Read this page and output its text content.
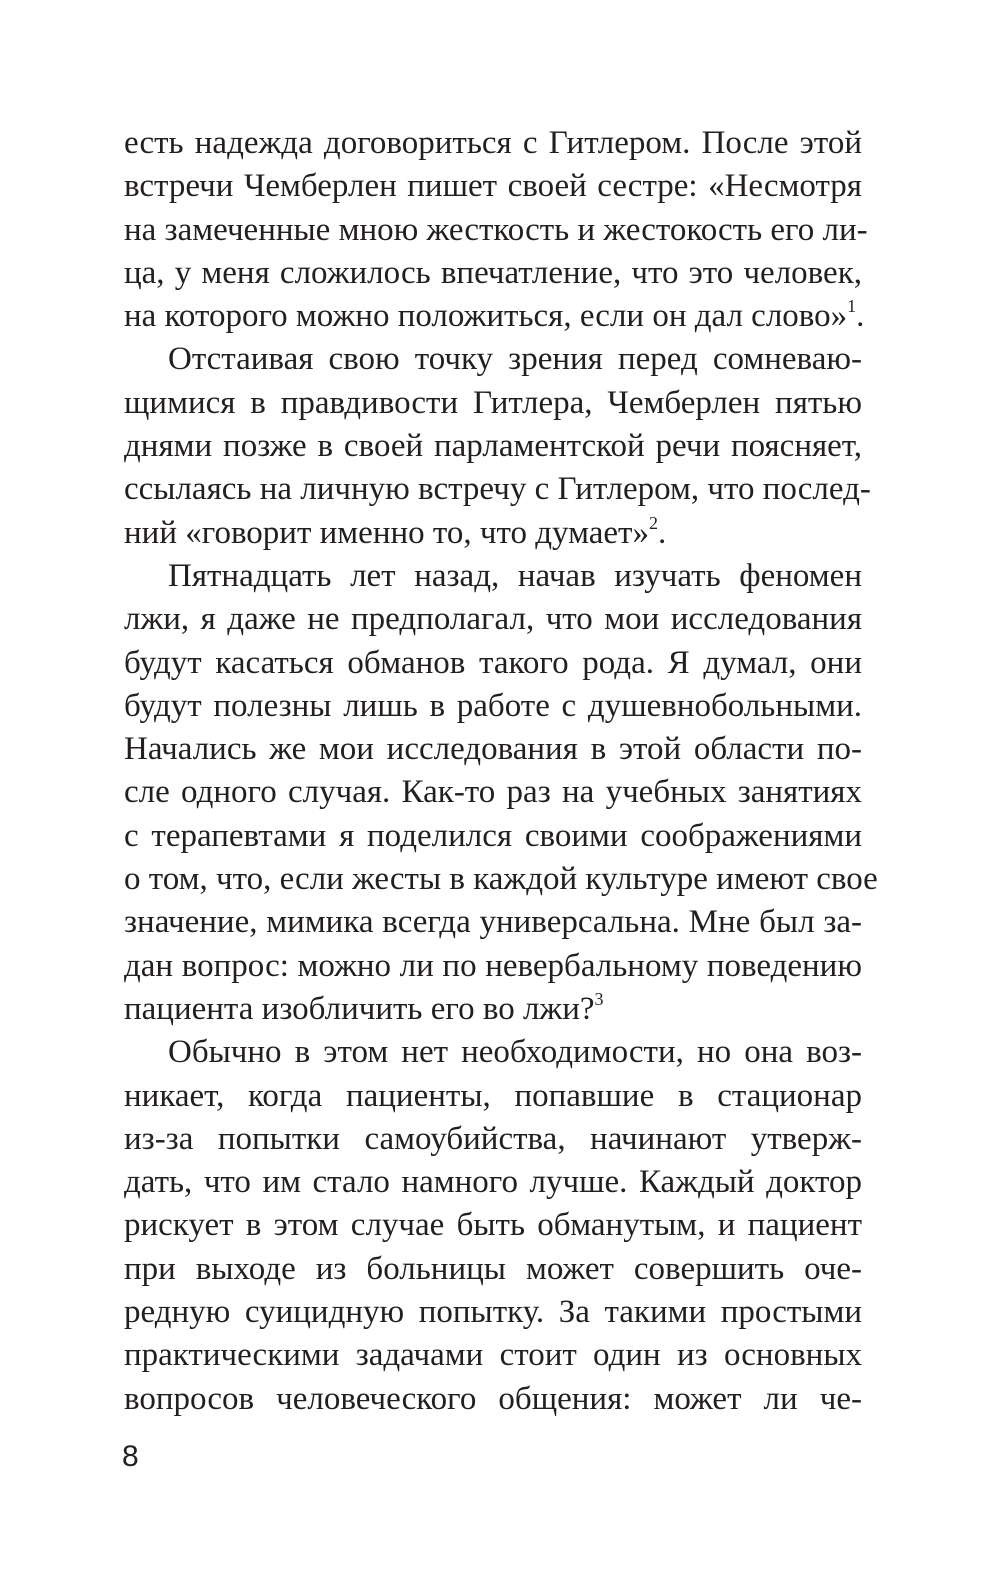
есть надежда договориться с Гитлером. После этой
встречи Чемберлен пишет своей сестре: «Несмотря
на замеченные мною жесткость и жестокость его ли-
ца, у меня сложилось впечатление, что это человек,
на которого можно положиться, если он дал слово»$^1$.
Отстаивая свою точку зрения перед сомневаю-
щимися в правдивости Гитлера, Чемберлен пятью
днями позже в своей парламентской речи поясняет,
ссылаясь на личную встречу с Гитлером, что послед-
ний «говорит именно то, что думает»$^2$.
Пятнадцать лет назад, начав изучать феномен
лжи, я даже не предполагал, что мои исследования
будут касаться обманов такого рода. Я думал, они
будут полезны лишь в работе с душевнобольными.
Начались же мои исследования в этой области по-
сле одного случая. Как-то раз на учебных занятиях
с терапевтами я поделился своими соображениями
о том, что, если жесты в каждой культуре имеют свое
значение, мимика всегда универсальна. Мне был за-
дан вопрос: можно ли по невербальному поведению
пациента изобличить его во лжи?$^3$
Обычно в этом нет необходимости, но она воз-
никает, когда пациенты, попавшие в стационар
из-за попытки самоубийства, начинают утверж-
дать, что им стало намного лучше. Каждый доктор
рискует в этом случае быть обманутым, и пациент
при выходе из больницы может совершить оче-
редную суицидную попытку. За такими простыми
практическими задачами стоит один из основных
вопросов человеческого общения: может ли че-
8
